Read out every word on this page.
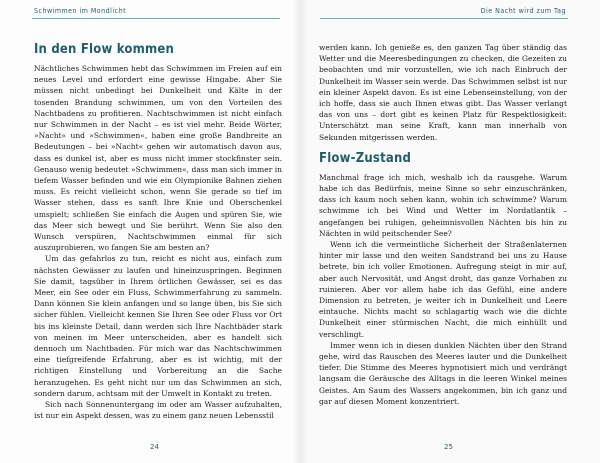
Schwimmen im Mondlicht
In den Flow kommen

Nächtliches Schwimmen hebt das Schwimmen im Freien auf ein neues Level und erfordert eine gewisse Hingabe. Aber Sie müssen nicht unbedingt bei Dunkelheit und Kälte in der tosenden Brandung schwimmen, um von den Vorteilen des Nachtbadens zu profitieren. Nachtschwimmen ist nicht einfach nur Schwimmen in der Nacht – es ist viel mehr. Beide Wörter, »Nacht« und »Schwimmen«, haben eine große Bandbreite an Bedeutungen – bei »Nacht« gehen wir automatisch davon aus, dass es dunkel ist, aber es muss nicht immer stockfinster sein. Genauso wenig bedeutet »Schwimmen«, dass man sich immer in tiefem Wasser befinden und wie ein Olympionike Bahnen ziehen muss. Es reicht vielleicht schon, wenn Sie gerade so tief im Wasser stehen, dass es sanft Ihre Knie und Oberschenkel umspielt; schließen Sie einfach die Augen und spüren Sie, wie das Meer sich bewegt und Sie berührt. Wenn Sie also den Wunsch verspüren, Nachtschwimmen einmal für sich auszuprobieren, wo fangen Sie am besten an?

Um das gefahrlos zu tun, reicht es nicht aus, einfach zum nächsten Gewässer zu laufen und hineinzuspringen. Beginnen Sie damit, tagsüber in Ihrem örtlichen Gewässer, sei es das Meer, ein See oder ein Fluss, Schwimmerfahrung zu sammeln. Dann können Sie klein anfangen und so lange üben, bis Sie sich sicher fühlen. Vielleicht kennen Sie Ihren See oder Fluss vor Ort bis ins kleinste Detail, dann werden sich Ihre Nachtbäder stark von meinen im Meer unterscheiden, aber es handelt sich dennoch um Nachtbaden. Für mich war das Nachtschwimmen eine tiefgreifende Erfahrung, aber es ist wichtig, mit der richtigen Einstellung und Vorbereitung an die Sache heranzugehen. Es geht nicht nur um das Schwimmen an sich, sondern darum, achtsam mit der Umwelt in Kontakt zu treten.

Sich nach Sonnenuntergang im oder am Wasser aufzuhalten, ist nur ein Aspekt dessen, was zu einem ganz neuen Lebensstil

24
Die Nacht wird zum Tag

werden kann. Ich genieße es, den ganzen Tag über ständig das Wetter und die Meeresbedingungen zu checken, die Gezeiten zu beobachten und mir vorzustellen, wie ich nach Einbruch der Dunkelheit im Wasser sein werde. Das Schwimmen selbst ist nur ein kleiner Aspekt davon. Es ist eine Lebenseinstellung, von der ich hoffe, dass sie auch Ihnen etwas gibt. Das Wasser verlangt das von uns – dort gibt es keinen Platz für Respektlosigkeit: Unterschätzt man seine Kraft, kann man innerhalb von Sekunden mitgerissen werden.

Flow-Zustand

Manchmal frage ich mich, weshalb ich da rausgehe. Warum habe ich das Bedürfnis, meine Sinne so sehr einzuschränken, dass ich kaum noch sehen kann, wohin ich schwimme? Warum schwimme ich bei Wind und Wetter im Nordatlantik – angefangen bei ruhigen, geheimnisvollen Nächten bis hin zu Nächten in wild peitschender See?

Wenn ich die vermeintliche Sicherheit der Straßenlaternen hinter mir lasse und den weiten Sandstrand bei uns zu Hause betrete, bin ich voller Emotionen. Aufregung steigt in mir auf, aber auch Nervosität, und Angst droht, das ganze Vorhaben zu ruinieren. Aber vor allem habe ich das Gefühl, eine andere Dimension zu betreten, je weiter ich in Dunkelheit und Leere eintauche. Nichts macht so schlagartig wach wie die dichte Dunkelheit einer stürmischen Nacht, die mich einhüllt und verschlingt.

Immer wenn ich in diesen dunklen Nächten über den Strand gehe, wird das Rauschen des Meeres lauter und die Dunkelheit tiefer. Die Stimme des Meeres hypnotisiert mich und verdrängt langsam die Geräusche des Alltags in die leeren Winkel meines Geistes. Am Saum des Wassers angekommen, bin ich ganz und gar auf diesen Moment konzentriert.

25
